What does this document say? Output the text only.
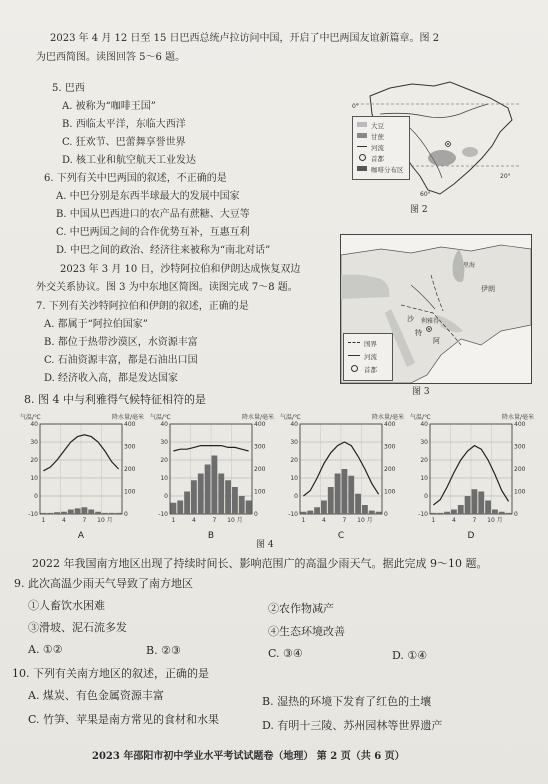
2023 年 4 月 12 日至 15 日巴西总统卢拉访问中国，开启了中巴两国友谊新篇章。图 2
为巴西简图。读图回答 5～6 题。
5. 巴西
A. 被称为“咖啡王国”
B. 西临太平洋，东临大西洋
C. 狂欢节、巴蕾舞享誉世界
D. 核工业和航空航天工业发达
6. 下列有关中巴两国的叙述，不正确的是
A. 中巴分别是东西半球最大的发展中国家
B. 中国从巴西进口的农产品有蔗糖、大豆等
C. 中巴两国之间的合作优势互补，互惠互利
D. 中巴之间的政治、经济往来被称为“南北对话”
2023 年 3 月 10 日，沙特阿拉伯和伊朗达成恢复双边
外交关系协议。图 3 为中东地区简图。读图完成 7～8 题。
7. 下列有关沙特阿拉伯和伊朗的叙述，正确的是
A. 都属于“阿拉伯国家”
B. 都位于热带沙漠区，水资源丰富
C. 石油资源丰富，都是石油出口国
D. 经济收入高，都是发达国家
8. 图 4 中与利雅得气候特征相符的是
0°
20°
60°
大豆
甘蔗
河流
首都
咖啡分布区
图 2
里海
伊朗
利雅得
沙
特
阿
国界
河流
首都
图 3
40
30
20
10
0
-10
400
300
200
100
0
气温/℃	降水量/毫米
1	4	7 10 月
A
40
30
20
10
0
-10
400
300
200
100
0
气温/℃	降水量/毫米
1	4	7 10 月
B
40
30
20
10
0
-10
400
300
200
100
0
气温/℃	降水量/毫米
1	4	7 10 月
C
40
30
20
10
0
-10
400
300
200
100
0
气温/℃	降水量/毫米
1	4	7 10 月
D
图 4
2022 年我国南方地区出现了持续时间长、影响范围广的高温少雨天气。据此完成 9～10 题。
9. 此次高温少雨天气导致了南方地区
①人畜饮水困难	②农作物减产
③滑坡、泥石流多发	④生态环境改善
A. ①②	B. ②③	C. ③④	D. ①④
10. 下列有关南方地区的叙述，正确的是
A. 煤炭、有色金属资源丰富	B. 湿热的环境下发育了红色的土壤
C. 竹笋、苹果是南方常见的食材和水果	D. 有明十三陵、苏州园林等世界遗产
2023 年邵阳市初中学业水平考试试题卷（地理） 第 2 页（共 6 页）
